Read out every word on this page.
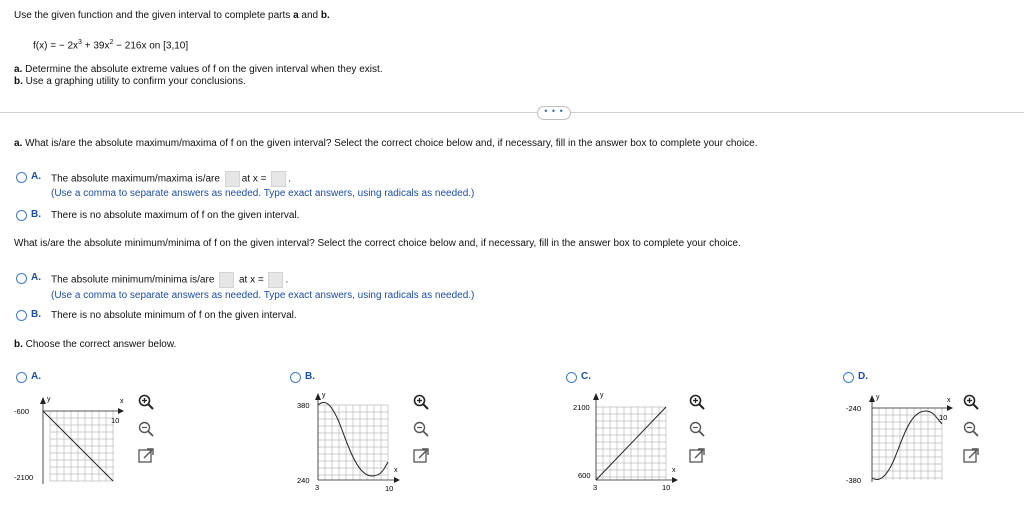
Use the given function and the given interval to complete parts a and b.
f(x) = − $2x^3 + 39x^2 - 216x$ on [3,10]
a. Determine the absolute extreme values of f on the given interval when they exist.
b. Use a graphing utility to confirm your conclusions.
• • •
a. What is/are the absolute maximum/maxima of f on the given interval? Select the correct choice below and, if necessary, fill in the answer box to complete your choice.
A. The absolute maximum/maxima is/are at x = .
(Use a comma to separate answers as needed. Type exact answers, using radicals as needed.)
B. There is no absolute maximum of f on the given interval.
What is/are the absolute minimum/minima of f on the given interval? Select the correct choice below and, if necessary, fill in the answer box to complete your choice.
A. The absolute minimum/minima is/are at x = .
(Use a comma to separate answers as needed. Type exact answers, using radicals as needed.)
B. There is no absolute minimum of f on the given interval.
b. Choose the correct answer below.
A.
y	x
-600
-2100
10
B.
y
x
380
240
3	10
C.
y
x
2100
600
3	10
D.
y	x
-240
-380
10
